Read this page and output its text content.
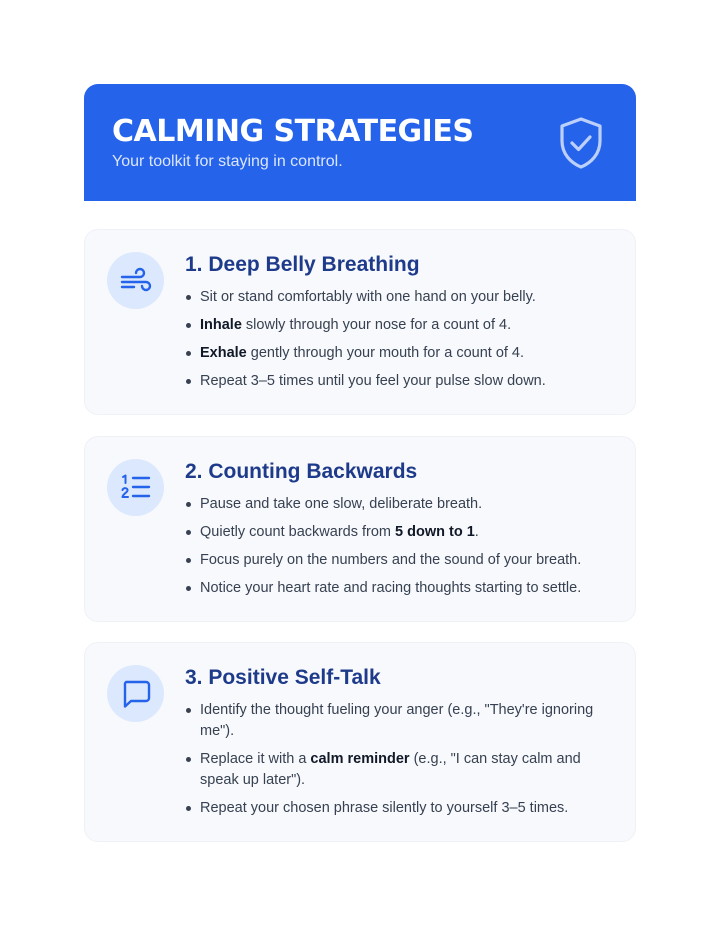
CALMING STRATEGIES
Your toolkit for staying in control.
1. Deep Belly Breathing
Sit or stand comfortably with one hand on your belly.
Inhale slowly through your nose for a count of 4.
Exhale gently through your mouth for a count of 4.
Repeat 3–5 times until you feel your pulse slow down.
2. Counting Backwards
Pause and take one slow, deliberate breath.
Quietly count backwards from 5 down to 1.
Focus purely on the numbers and the sound of your breath.
Notice your heart rate and racing thoughts starting to settle.
3. Positive Self-Talk
Identify the thought fueling your anger (e.g., "They're ignoring me").
Replace it with a calm reminder (e.g., "I can stay calm and speak up later").
Repeat your chosen phrase silently to yourself 3–5 times.
